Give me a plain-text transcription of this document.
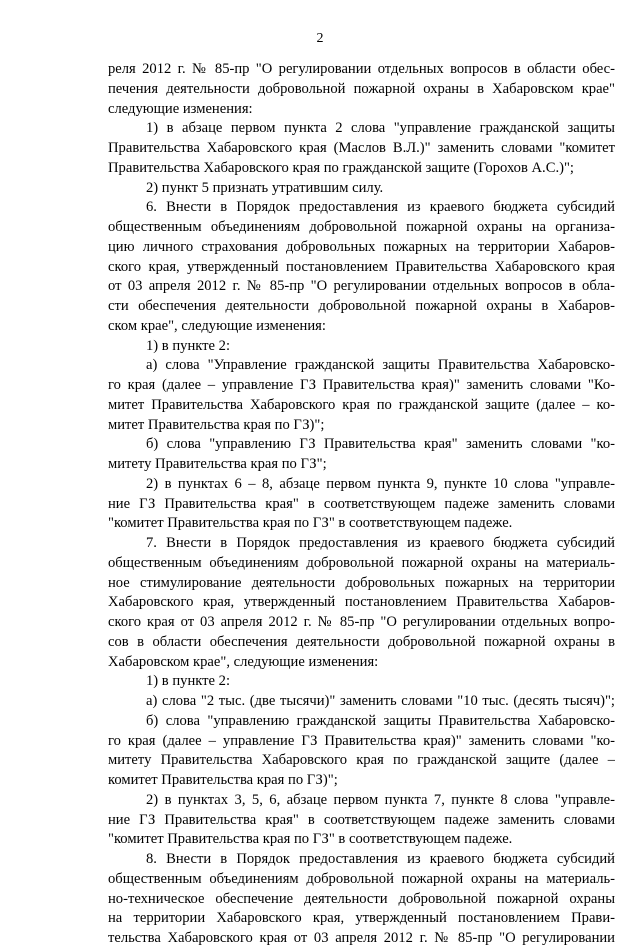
2
реля 2012 г. № 85-пр "О регулировании отдельных вопросов в области обес-
печения деятельности добровольной пожарной охраны в Хабаровском крае"
следующие изменения:
1) в абзаце первом пункта 2 слова "управление гражданской защиты
Правительства Хабаровского края (Маслов В.Л.)" заменить словами "комитет
Правительства Хабаровского края по гражданской защите (Горохов А.С.)";
2) пункт 5 признать утратившим силу.
6. Внести в Порядок предоставления из краевого бюджета субсидий
общественным объединениям добровольной пожарной охраны на организа-
цию личного страхования добровольных пожарных на территории Хабаров-
ского края, утвержденный постановлением Правительства Хабаровского края
от 03 апреля 2012 г. № 85-пр "О регулировании отдельных вопросов в обла-
сти обеспечения деятельности добровольной пожарной охраны в Хабаров-
ском крае", следующие изменения:
1) в пункте 2:
а) слова "Управление гражданской защиты Правительства Хабаровско-
го края (далее – управление ГЗ Правительства края)" заменить словами "Ко-
митет Правительства Хабаровского края по гражданской защите (далее – ко-
митет Правительства края по ГЗ)";
б) слова "управлению ГЗ Правительства края" заменить словами "ко-
митету Правительства края по ГЗ";
2) в пунктах 6 – 8, абзаце первом пункта 9, пункте 10 слова "управле-
ние ГЗ Правительства края" в соответствующем падеже заменить словами
"комитет Правительства края по ГЗ" в соответствующем падеже.
7. Внести в Порядок предоставления из краевого бюджета субсидий
общественным объединениям добровольной пожарной охраны на материаль-
ное стимулирование деятельности добровольных пожарных на территории
Хабаровского края, утвержденный постановлением Правительства Хабаров-
ского края от 03 апреля 2012 г. № 85-пр "О регулировании отдельных вопро-
сов в области обеспечения деятельности добровольной пожарной охраны в
Хабаровском крае", следующие изменения:
1) в пункте 2:
а) слова "2 тыс. (две тысячи)" заменить словами "10 тыс. (десять тысяч)";
б) слова "управлению гражданской защиты Правительства Хабаровско-
го края (далее – управление ГЗ Правительства края)" заменить словами "ко-
митету Правительства Хабаровского края по гражданской защите (далее –
комитет Правительства края по ГЗ)";
2) в пунктах 3, 5, 6, абзаце первом пункта 7, пункте 8 слова "управле-
ние ГЗ Правительства края" в соответствующем падеже заменить словами
"комитет Правительства края по ГЗ" в соответствующем падеже.
8. Внести в Порядок предоставления из краевого бюджета субсидий
общественным объединениям добровольной пожарной охраны на материаль-
но-техническое обеспечение деятельности добровольной пожарной охраны
на территории Хабаровского края, утвержденный постановлением Прави-
тельства Хабаровского края от 03 апреля 2012 г. № 85-пр "О регулировании
